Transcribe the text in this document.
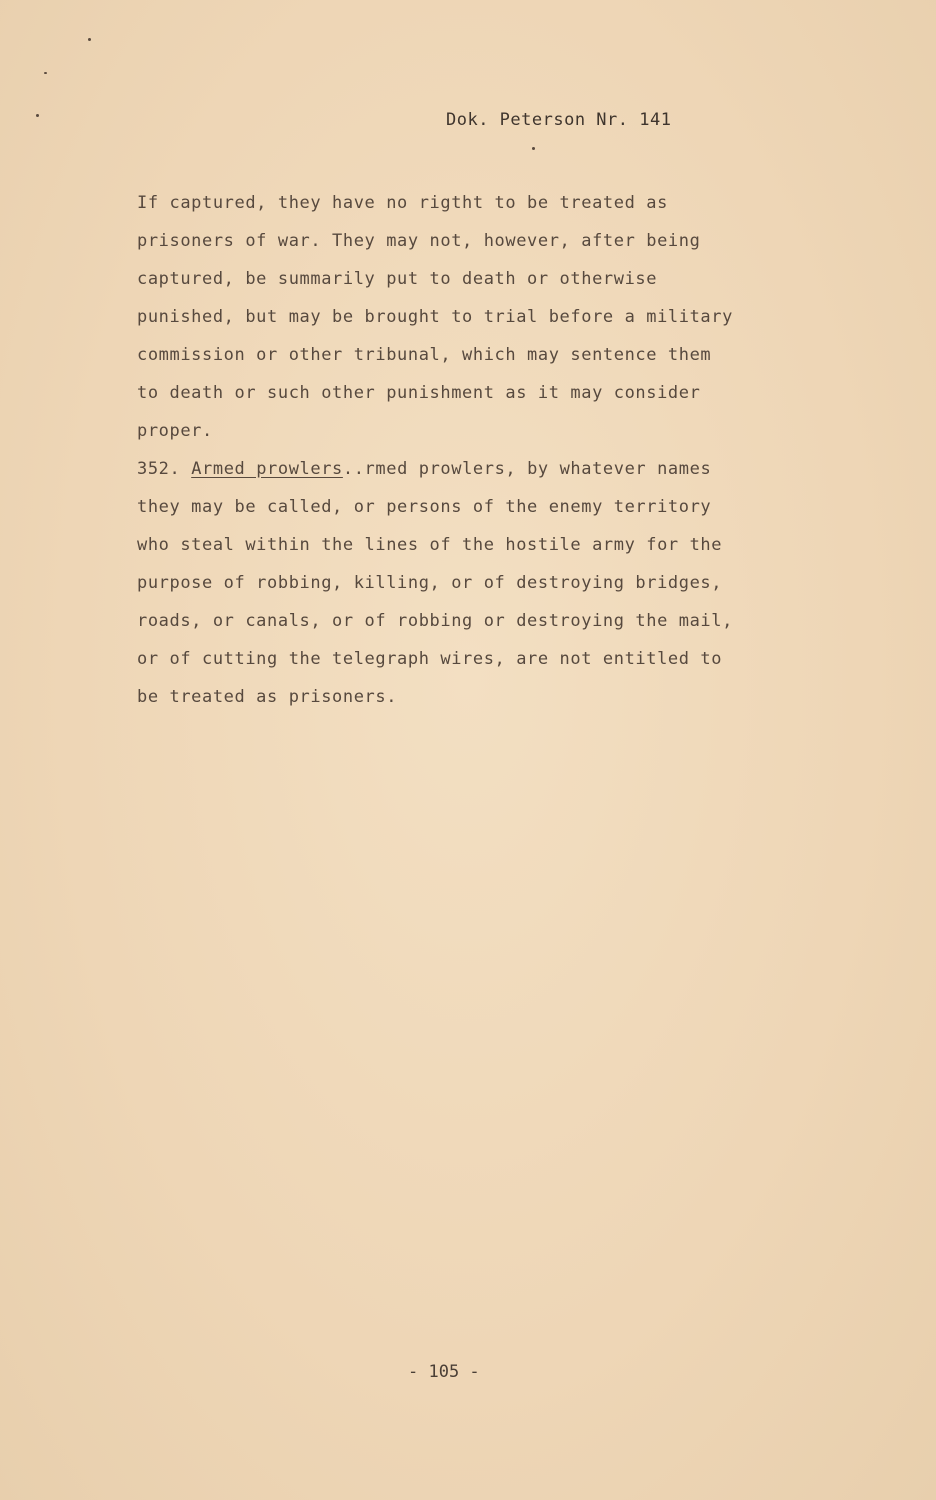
Dok. Peterson Nr. 141
If captured, they have no rigtht to be treated as
prisoners of war. They may not, however, after being
captured, be summarily put to death or otherwise
punished, but may be brought to trial before a military
commission or other tribunal, which may sentence them
to death or such other punishment as it may consider
proper.
352. Armed prowlers..rmed prowlers, by whatever names
they may be called, or persons of the enemy territory
who steal within the lines of the hostile army for the
purpose of robbing, killing, or of destroying bridges,
roads, or canals, or of robbing or destroying the mail,
or of cutting the telegraph wires, are not entitled to
be treated as prisoners.
- 105 -
